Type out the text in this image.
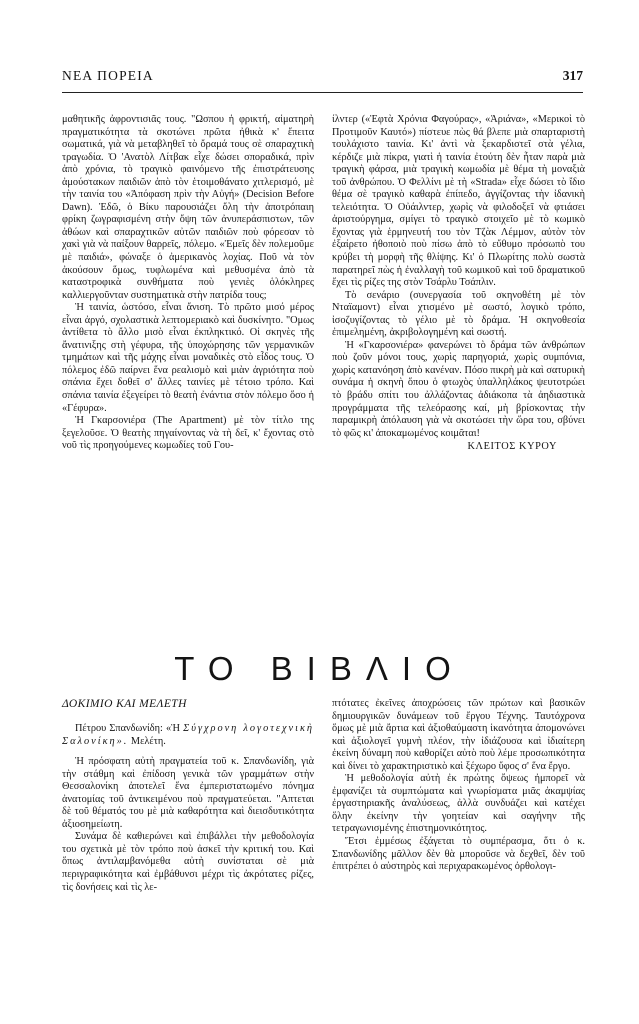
ΝΕΑ ΠΟΡΕΙΑ	317

μαθητικῆς ἀφροντισιᾶς τους. "Ωσπου ἡ φρικτή, αἱματηρὴ πραγματικότητα τὰ σκοτώνει πρῶτα ἠθικὰ κ' ἔπειτα σωματικά, γιὰ νὰ μεταβληθεῖ τὸ ὄραμά τους σὲ σπαραχτικὴ τραγωδία. Ὁ 'Ανατὸλ Λίτβακ εἶχε δώσει σποραδικά, πρὶν ἀπὸ χρόνια, τὸ τραγικὸ φαινόμενο τῆς ἐπιστράτευσης ἀμούστακων παιδιῶν ἀπὸ τὸν ἑτοιμοθάνατο χιτλερισμό, μὲ τὴν ταινία του «Ἀπόφαση πρὶν τὴν Αὐγή» (Decision Before Dawn). Ἐδῶ, ὁ Βίκυ παρουσιάζει ὅλη τὴν ἀποτρόπαιη φρίκη ζωγραφισμένη στὴν ὄψη τῶν ἀνυπεράσπιστων, τῶν ἀθώων καὶ σπαραχτικῶν αὐτῶν παιδιῶν ποὺ φόρεσαν τὸ χακὶ γιὰ νὰ παίξουν θαρρεῖς, πόλεμο. «Ἐμεῖς δὲν πολεμοῦμε μὲ παιδιά», φώναξε ὁ ἀμερικανὸς λοχίας. Ποῦ νὰ τὸν ἀκούσουν ὅμως, τυφλωμένα καὶ μεθυσμένα ἀπὸ τὰ καταστροφικὰ συνθήματα ποὺ γενιὲς ὁλόκληρες καλλιεργοῦνταν συστηματικὰ στὴν πατρίδα τους;

Ἡ ταινία, ὡστόσο, εἶναι ἄνιση. Τὸ πρῶτο μισό μέρος εἶναι ἀργό, σχολαστικὰ λεπτομεριακὸ καὶ δυσκίνητο. "Ομως ἀντίθετα τὸ ἄλλο μισὸ εἶναι ἐκπληκτικό. Οἱ σκηνὲς τῆς ἄνατινιξης στὴ γέφυρα, τῆς ὑποχώρησης τῶν γερμανικῶν τμημάτων καὶ τῆς μάχης εἶναι μοναδικὲς στὸ εἶδος τους. Ὁ πόλεμος ἐδῶ παίρνει ἕνα ρεαλισμὸ καὶ μιὰν ἀγριότητα ποὺ σπάνια ἔχει δοθεῖ σ' ἄλλες ταινίες μὲ τέτοιο τρόπο. Καὶ σπάνια ταινία ἐξεγείρει τὸ θεατὴ ἐνάντια στὸν πόλεμο ὅσο ἡ «Γέφυρα».

Ἡ Γκαρσονιέρα (The Apartment) μὲ τὸν τίτλο της ξεγελοῦσε. Ὁ θεατὴς πηγαίνοντας νὰ τὴ δεῖ, κ' ἔχοντας στὸ νοῦ τὶς προηγούμενες κωμωδίες τοῦ Γου-

ίλντερ («Ἑφτὰ Χρόνια Φαγούρας», «Ἀριάνα», «Μερικοὶ τὸ Προτιμοῦν Καυτό») πίστευε πὼς θά βλεπε μιὰ σπαρταριστὴ τουλάχιστο ταινία. Κι' ἀντὶ νὰ ξεκαρδιστεῖ στὰ γέλια, κέρδιζε μιὰ πίκρα, γιατὶ ἡ ταινία ἐτούτη δὲν ἦταν παρὰ μιὰ τραγικὴ φάρσα, μιὰ τραγικὴ κωμωδία μὲ θέμα τὴ μοναξιὰ τοῦ ἀνθρώπου. Ὁ Φελλίνι μὲ τὴ «Strada» εἶχε δώσει τὸ ἴδιο θέμα σὲ τραγικὸ καθαρὰ ἐπίπεδο, ἀγγίζοντας τὴν ἰδανικὴ τελειότητα. Ὁ Οὐάιλντερ, χωρὶς νὰ φιλοδοξεῖ νὰ φτιάσει ἀριστούργημα, σμίγει τὸ τραγικὸ στοιχεῖο μὲ τὸ κωμικὸ ἔχοντας γιὰ ἑρμηνευτή του τὸν Τζὰκ Λέμμον, αὐτὸν τὸν ἐξαίρετο ἠθοποιὸ ποὺ πίσω ἀπὸ τὸ εὔθυμο πρόσωπὸ του κρύβει τὴ μορφὴ τῆς θλίψης. Κι' ὁ Πλωρίτης πολὺ σωστὰ παρατηρεῖ πὼς ἡ ἐναλλαγὴ τοῦ κωμικοῦ καὶ τοῦ δραματικοῦ ἔχει τὶς ρίζες της στὸν Τσάρλυ Τσάπλιν.

Τὸ σενάριο (συνεργασία τοῦ σκηνοθέτη μὲ τὸν Νταϊαμοντ) εἶναι χτισμένο μὲ σωστό, λογικὸ τρόπο, ἰσοζυγίζοντας τὸ γέλιο μὲ τὸ δράμα. Ἡ σκηνοθεσία ἐπιμελημένη, ἀκριβολογημένη καὶ σωστή.

Ἡ «Γκαρσονιέρα» φανερώνει τὸ δράμα τῶν ἀνθρώπων ποὺ ζοῦν μόνοι τους, χωρὶς παρηγοριά, χωρὶς συμπόνια, χωρὶς κατανόηση ἀπὸ κανέναν. Πόσο πικρὴ μὰ καὶ σατυρικὴ συνάμα ἡ σκηνὴ ὅπου ὁ φτωχὸς ὑπαλληλάκος ψευτοτρώει τὸ βράδυ σπίτι του ἀλλάζοντας ἀδιάκοπα τὰ ἀηδιαστικὰ προγράμματα τῆς τελεόρασης καί, μὴ βρίσκοντας τὴν παραμικρὴ ἀπόλαυση γιὰ νὰ σκοτώσει τὴν ὥρα του, σβύνει τὸ φῶς κι' ἀποκαμωμένος κοιμᾶται!

ΚΛΕΙΤΟΣ ΚΥΡΟΥ
ΤΟ ΒΙΒΛΙΟ
ΔΟΚΙΜΙΟ ΚΑΙ ΜΕΛΕΤΗ

Πέτρου Σπανδωνίδη: «Ἡ Σύγχρονη λογοτεχνικὴ Σαλονίκη». Μελέτη.

Ἡ πρόσφατη αὐτὴ πραγματεία τοῦ κ. Σπανδωνίδη, γιὰ τὴν στάθμη καὶ ἐπίδοση γενικὰ τῶν γραμμάτων στὴν Θεσσαλονίκη ἀποτελεῖ ἕνα ἐμπεριστατωμένο πόνημα ἀνατομίας τοῦ ἀντικειμένου ποὺ πραγματεύεται. "Απτεται δὲ τοῦ θέματός του μὲ μιὰ καθαρότητα καὶ διεισδυτικότητα ἀξιοσημείωτη.

Συνάμα δὲ καθιερώνει καὶ ἐπιβάλλει τὴν μεθοδολογία του σχετικὰ μὲ τὸν τρόπο ποὺ ἀσκεῖ τὴν κριτική του. Καὶ ὅπως ἀντιλαμβανόμεθα αὐτὴ συνίσταται σὲ μιὰ περιγραφικότητα καὶ ἐμβάθυνσι μέχρι τὶς ἀκρότατες ρίζες, τὶς δονήσεις καὶ τὶς λε-

πτότατες ἐκεῖνες ἀποχρώσεις τῶν πρώτων καὶ βασικῶν δημιουργικῶν δυνάμεων τοῦ ἔργου Τέχνης. Ταυτόχρονα ὅμως μὲ μιὰ ἄρτια καὶ ἀξιοθαύμαστη ἱκανότητα ἀπομονώνει καὶ ἀξιολογεῖ γυμνὴ πλέον, τὴν ἰδιάζουσα καὶ ἰδιαίτερη ἐκείνη δύναμη ποὺ καθορίζει αὐτὸ ποὺ λέμε προσωπικότητα καὶ δίνει τὸ χαρακτηριστικὸ καὶ ξέχωρο ὕφος σ' ἕνα ἔργο.

Ἡ μεθοδολογία αὐτὴ ἐκ πρώτης ὄψεως ἠμπορεῖ νὰ ἐμφανίζει τὰ συμπτώματα καὶ γνωρίσματα μιᾶς ἀκαμψίας ἐργαστηριακῆς ἀναλύσεως, ἀλλὰ συνδυάζει καὶ κατέχει ὅλην ἐκείνην τὴν γοητείαν καὶ σαγήνην τῆς τετραγωνισμένης ἐπιστημονικότητος.

Ἔτσι ἐμμέσως ἐξάγεται τὸ συμπέρασμα, ὅτι ὁ κ. Σπανδωνίδης μᾶλλον δὲν θὰ μποροῦσε νὰ δεχθεῖ, δὲν τοῦ ἐπιτρέπει ὁ αὐστηρὸς καὶ περιχαρακωμένος ὀρθολογι-
